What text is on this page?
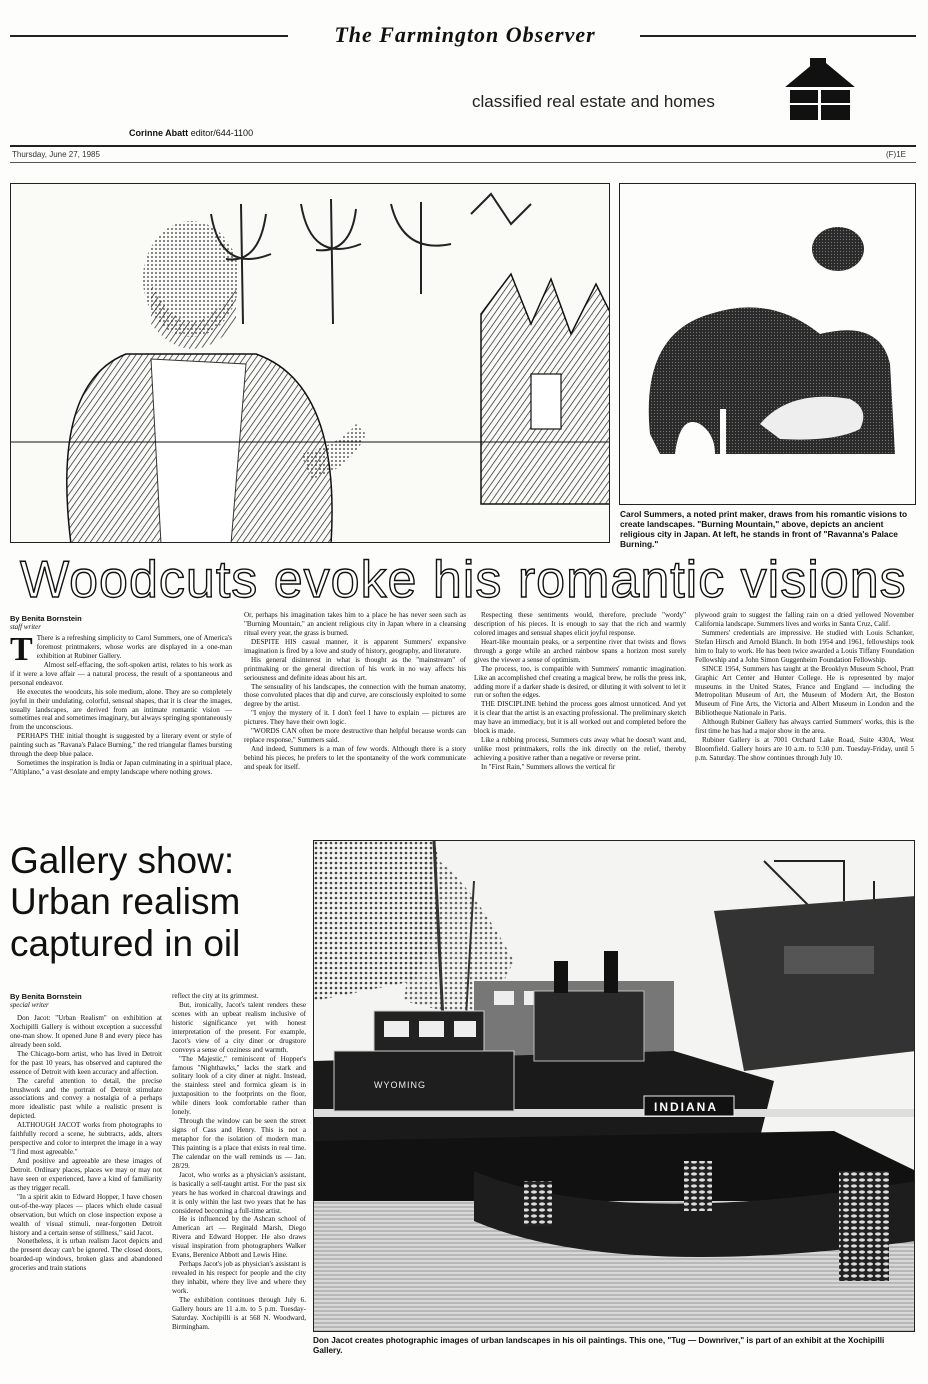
The Farmington Observer
classified real estate and homes
Corinne Abatt editor/644-1100
Thursday, June 27, 1985	(F)1E
Carol Summers, a noted print maker, draws from his romantic visions to create landscapes. "Burning Mountain," above, depicts an ancient religious city in Japan. At left, he stands in front of "Ravanna's Palace Burning."
Woodcuts evoke his romantic visions
By Benita Bornstein
staff writer

T There is a refreshing simplicity to Carol Summers, one of America's foremost printmakers, whose works are displayed in a one-man exhibition at Rubiner Gallery.

Almost self-effacing, the soft-spoken artist, relates to his work as if it were a love affair — a natural process, the result of a spontaneous and personal endeavor.

He executes the woodcuts, his sole medium, alone. They are so completely joyful in their undulating, colorful, sensual shapes, that it is clear the images, usually landscapes, are derived from an intimate romantic vision — sometimes real and sometimes imaginary, but always springing spontaneously from the unconscious.

PERHAPS THE initial thought is suggested by a literary event or style of painting such as "Ravana's Palace Burning," the red triangular flames bursting through the deep blue palace.

Sometimes the inspiration is India or Japan culminating in a spiritual place, "Altiplano," a vast desolate and empty landscape where nothing grows.

Or, perhaps his imagination takes him to a place he has never seen such as "Burning Mountain," an ancient religious city in Japan where in a cleansing ritual every year, the grass is burned.

DESPITE HIS casual manner, it is apparent Summers' expansive imagination is fired by a love and study of history, geography, and literature.

His general disinterest in what is thought as the "mainstream" of printmaking or the general direction of his work in no way affects his seriousness and definite ideas about his art.

The sensuality of his landscapes, the connection with the human anatomy, those convoluted places that dip and curve, are consciously exploited to some degree by the artist.

"I enjoy the mystery of it. I don't feel I have to explain — pictures are pictures. They have their own logic.

"WORDS CAN often be more destructive than helpful because words can replace response," Summers said.

And indeed, Summers is a man of few words. Although there is a story behind his pieces, he prefers to let the spontaneity of the work communicate and speak for itself.

Respecting these sentiments would, therefore, preclude "wordy" description of his pieces. It is enough to say that the rich and warmly colored images and sensual shapes elicit joyful response.

Heart-like mountain peaks, or a serpentine river that twists and flows through a gorge while an arched rainbow spans a horizon most surely gives the viewer a sense of optimism.

The process, too, is compatible with Summers' romantic imagination. Like an accomplished chef creating a magical brew, he rolls the press ink, adding more if a darker shade is desired, or diluting it with solvent to let it run or soften the edges.

THE DISCIPLINE behind the process goes almost unnoticed. And yet it is clear that the artist is an exacting professional. The preliminary sketch may have an immediacy, but it is all worked out and completed before the block is made.

Like a rubbing process, Summers cuts away what he doesn't want and, unlike most printmakers, rolls the ink directly on the relief, thereby achieving a positive rather than a negative or reverse print.

In "First Rain," Summers allows the vertical fir

plywood grain to suggest the falling rain on a dried yellowed November California landscape. Summers lives and works in Santa Cruz, Calif.

Summers' credentials are impressive. He studied with Louis Schanker, Stefan Hirsch and Arnold Blanch. In both 1954 and 1961, fellowships took him to Italy to work. He has been twice awarded a Louis Tiffany Foundation Fellowship and a John Simon Guggenheim Foundation Fellowship.

SINCE 1954, Summers has taught at the Brooklyn Museum School, Pratt Graphic Art Center and Hunter College. He is represented by major museums in the United States, France and England — including the Metropolitan Museum of Art, the Museum of Modern Art, the Boston Museum of Fine Arts, the Victoria and Albert Museum in London and the Bibliotheque Nationale in Paris.

Although Rubiner Gallery has always carried Summers' works, this is the first time he has had a major show in the area.

Rubiner Gallery is at 7001 Orchard Lake Road, Suite 430A, West Bloomfield. Gallery hours are 10 a.m. to 5:30 p.m. Tuesday-Friday, until 5 p.m. Saturday. The show continues through July 10.

Gallery show:
Urban realism
captured in oil
By Benita Bornstein
special writer

Don Jacot: "Urban Realism" on exhibition at Xochipilli Gallery is without exception a successful one-man show. It opened June 8 and every piece has already been sold.

The Chicago-born artist, who has lived in Detroit for the past 10 years, has observed and captured the essence of Detroit with keen accuracy and affection.

The careful attention to detail, the precise brushwork and the portrait of Detroit stimulate associations and convey a nostalgia of a perhaps more idealistic past while a realistic present is depicted.

ALTHOUGH JACOT works from photographs to faithfully record a scene, he subtracts, adds, alters perspective and color to interpret the image in a way "I find most agreeable."

And positive and agreeable are these images of Detroit. Ordinary places, places we may or may not have seen or experienced, have a kind of familiarity as they trigger recall.

"In a spirit akin to Edward Hopper, I have chosen out-of-the-way places — places which elude casual observation, but which on close inspection expose a wealth of visual stimuli, near-forgotten Detroit history and a certain sense of stillness," said Jacot.

Nonetheless, it is urban realism Jacot depicts and the present decay can't be ignored. The closed doors, boarded-up windows, broken glass and abandoned groceries and train stations

reflect the city at its grimmest.

But, ironically, Jacot's talent renders these scenes with an upbeat realism inclusive of historic significance yet with honest interpretation of the present. For example, Jacot's view of a city diner or drugstore conveys a sense of coziness and warmth.

"The Majestic," reminiscent of Hopper's famous "Nighthawks," lacks the stark and solitary look of a city diner at night. Instead, the stainless steel and formica gleam is in juxtaposition to the footprints on the floor, while diners look comfortable rather than lonely.

Through the window can be seen the street signs of Cass and Henry. This is not a metaphor for the isolation of modern man. This painting is a place that exists in real time. The calendar on the wall reminds us — Jan. 28/29.

Jacot, who works as a physician's assistant, is basically a self-taught artist. For the past six years he has worked in charcoal drawings and it is only within the last two years that he has considered becoming a full-time artist.

He is influenced by the Ashcan school of American art — Reginald Marsh, Diego Rivera and Edward Hopper. He also draws visual inspiration from photographers Walker Evans, Berenice Abbott and Lewis Hine.

Perhaps Jacot's job as physician's assistant is revealed in his respect for people and the city they inhabit, where they live and where they work.

The exhibition continues through July 6. Gallery hours are 11 a.m. to 5 p.m. Tuesday-Saturday. Xochipilli is at 568 N. Woodward, Birmingham.

WYOMING
INDIANA
Don Jacot creates photographic images of urban landscapes in his oil paintings. This one, "Tug — Downriver," is part of an exhibit at the Xochipilli Gallery.
